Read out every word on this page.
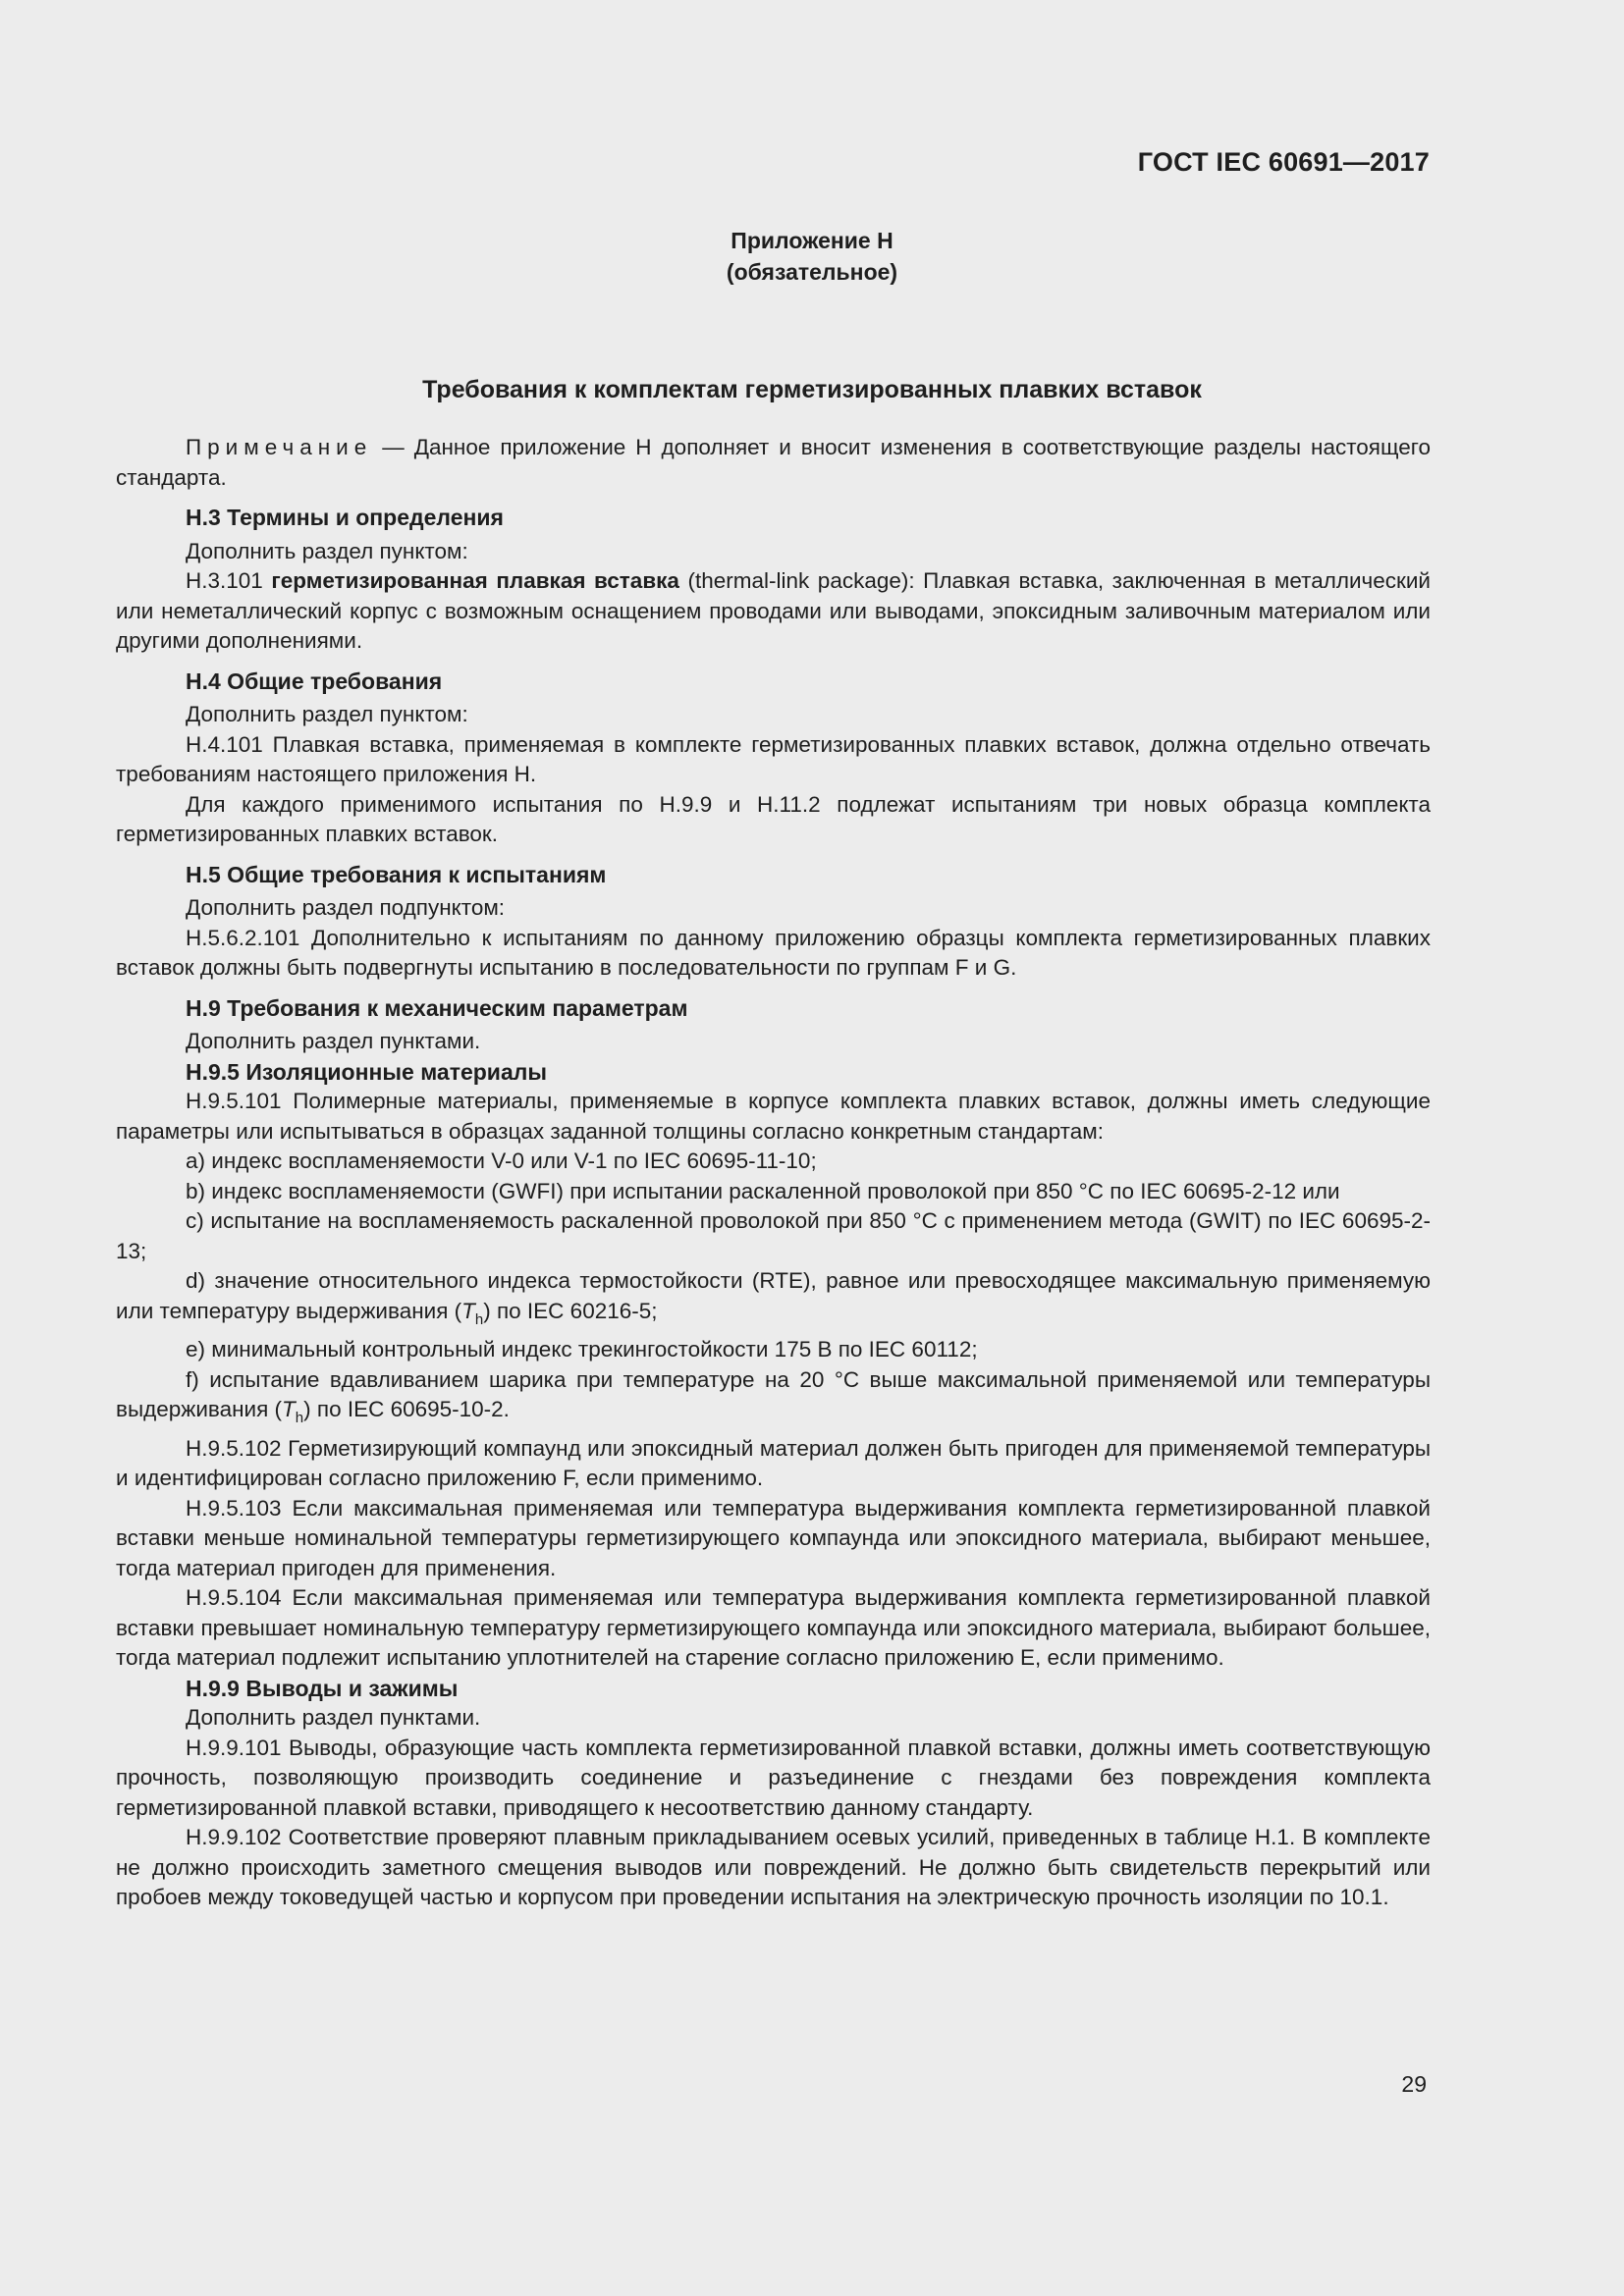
ГОСТ IEC 60691—2017
Приложение Н
(обязательное)
Требования к комплектам герметизированных плавких вставок

Примечание — Данное приложение Н дополняет и вносит изменения в соответствующие разделы настоящего стандарта.

Н.3 Термины и определения

Дополнить раздел пунктом:

Н.3.101 герметизированная плавкая вставка (thermal-link package): Плавкая вставка, заключенная в металлический или неметаллический корпус с возможным оснащением проводами или выводами, эпоксидным заливочным материалом или другими дополнениями.

Н.4 Общие требования

Дополнить раздел пунктом:

Н.4.101 Плавкая вставка, применяемая в комплекте герметизированных плавких вставок, должна отдельно отвечать требованиям настоящего приложения Н.

Для каждого применимого испытания по Н.9.9 и Н.11.2 подлежат испытаниям три новых образца комплекта герметизированных плавких вставок.

Н.5 Общие требования к испытаниям

Дополнить раздел подпунктом:

Н.5.6.2.101 Дополнительно к испытаниям по данному приложению образцы комплекта герметизированных плавких вставок должны быть подвергнуты испытанию в последовательности по группам F и G.

Н.9 Требования к механическим параметрам

Дополнить раздел пунктами.

Н.9.5 Изоляционные материалы

Н.9.5.101 Полимерные материалы, применяемые в корпусе комплекта плавких вставок, должны иметь следующие параметры или испытываться в образцах заданной толщины согласно конкретным стандартам:

а) индекс воспламеняемости V-0 или V-1 по IEC 60695-11-10;

b) индекс воспламеняемости (GWFI) при испытании раскаленной проволокой при 850 °С по IEC 60695-2-12 или

с) испытание на воспламеняемость раскаленной проволокой при 850 °С с применением метода (GWIT) по IEC 60695-2-13;

d) значение относительного индекса термостойкости (RTE), равное или превосходящее максимальную применяемую или температуру выдерживания $(T_h)$ по IEC 60216-5;

е) минимальный контрольный индекс трекингостойкости 175 В по IEC 60112;

f) испытание вдавливанием шарика при температуре на 20 °С выше максимальной применяемой или температуры выдерживания $(T_h)$ по IEC 60695-10-2.

Н.9.5.102 Герметизирующий компаунд или эпоксидный материал должен быть пригоден для применяемой температуры и идентифицирован согласно приложению F, если применимо.

Н.9.5.103 Если максимальная применяемая или температура выдерживания комплекта герметизированной плавкой вставки меньше номинальной температуры герметизирующего компаунда или эпоксидного материала, выбирают меньшее, тогда материал пригоден для применения.

Н.9.5.104 Если максимальная применяемая или температура выдерживания комплекта герметизированной плавкой вставки превышает номинальную температуру герметизирующего компаунда или эпоксидного материала, выбирают большее, тогда материал подлежит испытанию уплотнителей на старение согласно приложению Е, если применимо.

Н.9.9 Выводы и зажимы

Дополнить раздел пунктами.

Н.9.9.101 Выводы, образующие часть комплекта герметизированной плавкой вставки, должны иметь соответствующую прочность, позволяющую производить соединение и разъединение с гнездами без повреждения комплекта герметизированной плавкой вставки, приводящего к несоответствию данному стандарту.

Н.9.9.102 Соответствие проверяют плавным прикладыванием осевых усилий, приведенных в таблице Н.1. В комплекте не должно происходить заметного смещения выводов или повреждений. Не должно быть свидетельств перекрытий или пробоев между токоведущей частью и корпусом при проведении испытания на электрическую прочность изоляции по 10.1.

29
